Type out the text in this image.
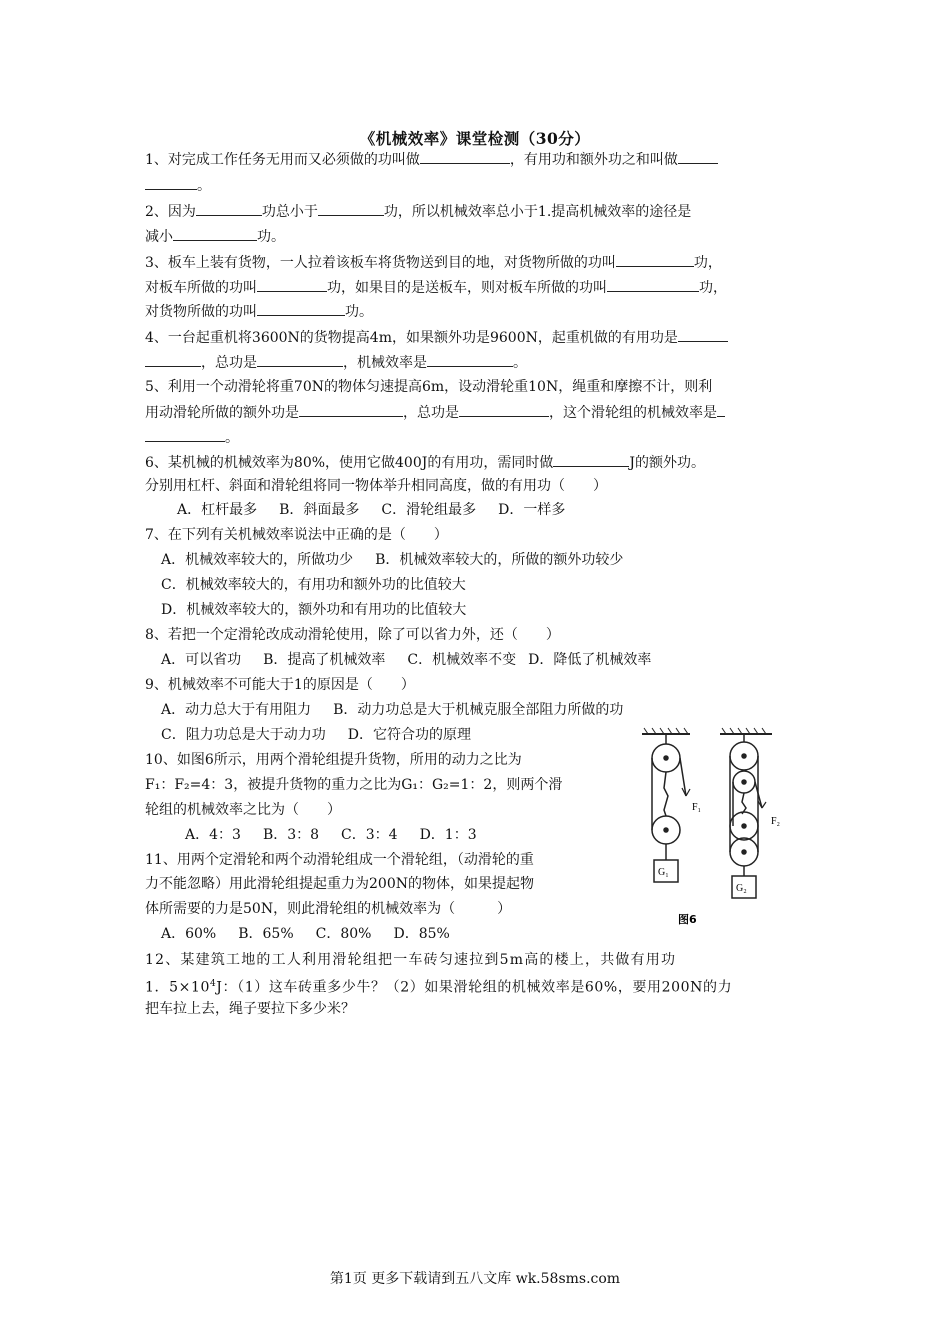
《机械效率》课堂检测（30分）
1、对完成工作任务无用而又必须做的功叫做	，有用功和额外功之和叫做
。
2、因为	功总小于	功，所以机械效率总小于1.提高机械效率的途径是
减小	功。
3、板车上装有货物，一人拉着该板车将货物送到目的地，对货物所做的功叫	功，
对板车所做的功叫	功，如果目的是送板车，则对板车所做的功叫	功，
对货物所做的功叫	功。
4、一台起重机将3600N的货物提高4m，如果额外功是9600N，起重机做的有用功是
，总功是	，机械效率是	。
5、利用一个动滑轮将重70N的物体匀速提高6m，设动滑轮重10N，绳重和摩擦不计，则利
用动滑轮所做的额外功是	，总功是	，这个滑轮组的机械效率是
。
6、某机械的机械效率为80%，使用它做400J的有用功，需同时做	J的额外功。
分别用杠杆、斜面和滑轮组将同一物体举升相同高度，做的有用功（　　）
A．杠杆最多 B．斜面最多 C．滑轮组最多 D．一样多
7、在下列有关机械效率说法中正确的是（　　）
A．机械效率较大的，所做功少 B．机械效率较大的，所做的额外功较少
C．机械效率较大的，有用功和额外功的比值较大
D．机械效率较大的，额外功和有用功的比值较大
8、若把一个定滑轮改成动滑轮使用，除了可以省力外，还（　　）
A．可以省功 B．提高了机械效率 C．机械效率不变 D．降低了机械效率
9、机械效率不可能大于1的原因是（　　）
A．动力总大于有用阻力 B．动力功总是大于机械克服全部阻力所做的功
C．阻力功总是大于动力功 D．它符合功的原理
10、如图6所示，用两个滑轮组提升货物，所用的动力之比为
F₁：F₂=4：3，被提升货物的重力之比为G₁：G₂=1：2，则两个滑
轮组的机械效率之比为（　　）
A．4：3 B．3：8 C．3：4 D．1：3
11、用两个定滑轮和两个动滑轮组成一个滑轮组，（动滑轮的重
力不能忽略）用此滑轮组提起重力为200N的物体，如果提起物
体所需要的力是50N，则此滑轮组的机械效率为（　　　）
A．60% B．65% C．80% D．85%
12、某建筑工地的工人利用滑轮组把一车砖匀速拉到5m高的楼上，共做有用功
1．$5\times 10^4J$：（1）这车砖重多少牛？（2）如果滑轮组的机械效率是60%，要用200N的力
把车拉上去，绳子要拉下多少米？
F₁
G₁
F₂
G₂
图6
第1页 更多下载请到五八文库 wk.58sms.com
